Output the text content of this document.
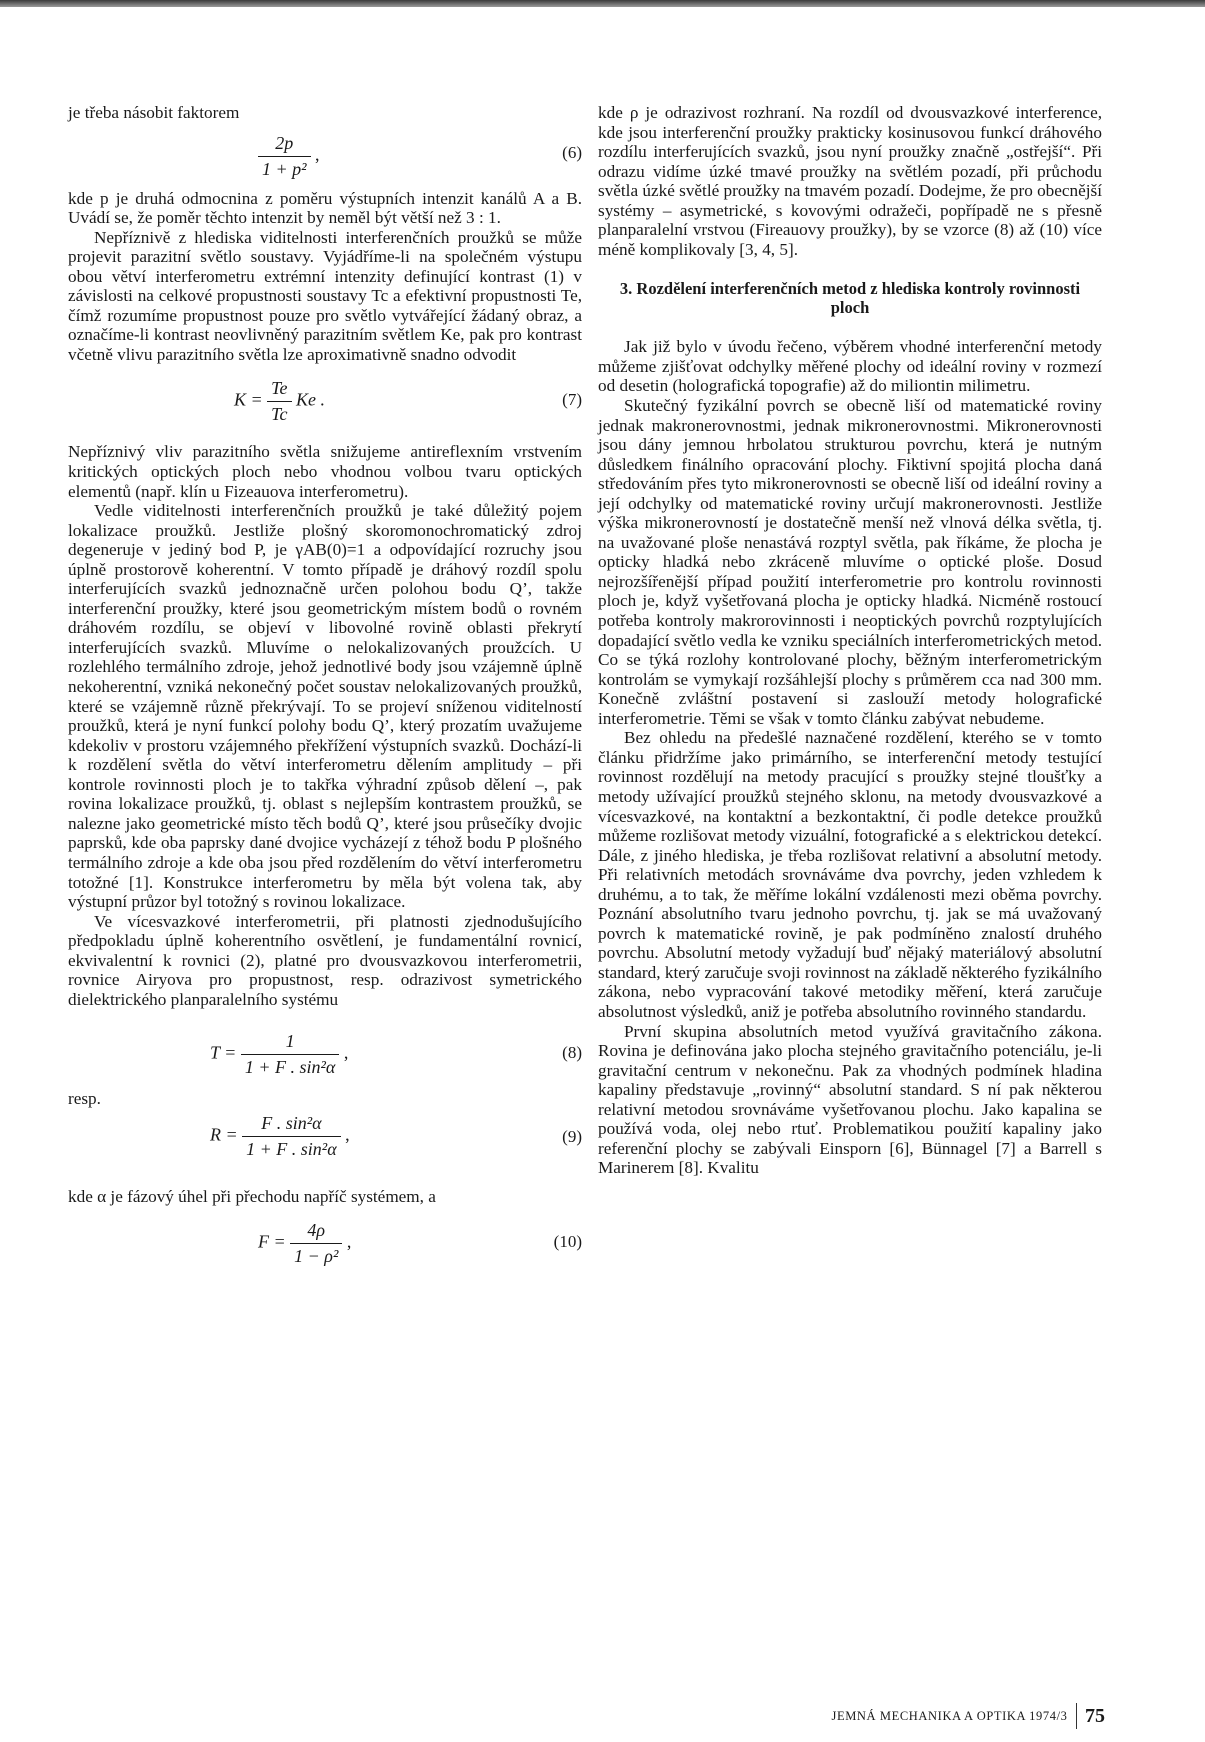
je třeba násobit faktorem

$\frac{2p}{\text{1 + p²}}$ ,	(6)

kde p je druhá odmocnina z poměru výstupních intenzit kanálů A a B. Uvádí se, že poměr těchto intenzit by neměl být větší než 3 : 1.

Nepříznivě z hlediska viditelnosti interferenčních proužků se může projevit parazitní světlo soustavy. Vyjádříme-li na společném výstupu obou větví interferometru extrémní intenzity definující kontrast (1) v závislosti na celkové propustnosti soustavy Tc a efektivní propustnosti Te, čímž rozumíme propustnost pouze pro světlo vytvářející žádaný obraz, a označíme-li kontrast neovlivněný parazitním světlem Ke, pak pro kontrast včetně vlivu parazitního světla lze aproximativně snadno odvodit

$K = \frac{Te}{Tc}$ Ke .	(7)

Nepříznivý vliv parazitního světla snižujeme antireflexním vrstvením kritických optických ploch nebo vhodnou volbou tvaru optických elementů (např. klín u Fizeauova interferometru).

Vedle viditelnosti interferenčních proužků je také důležitý pojem lokalizace proužků. Jestliže plošný skoromonochromatický zdroj degeneruje v jediný bod P, je γAB(0)=1 a odpovídající rozruchy jsou úplně prostorově koherentní. V tomto případě je dráhový rozdíl spolu interferujících svazků jednoznačně určen polohou bodu Q’, takže interferenční proužky, které jsou geometrickým místem bodů o rovném dráhovém rozdílu, se objeví v libovolné rovině oblasti překrytí interferujících svazků. Mluvíme o nelokalizovaných proužcích. U rozlehlého termálního zdroje, jehož jednotlivé body jsou vzájemně úplně nekoherentní, vzniká nekonečný počet soustav nelokalizovaných proužků, které se vzájemně různě překrývají. To se projeví sníženou viditelností proužků, která je nyní funkcí polohy bodu Q’, který prozatím uvažujeme kdekoliv v prostoru vzájemného překřížení výstupních svazků. Dochází-li k rozdělení světla do větví interferometru dělením amplitudy – při kontrole rovinnosti ploch je to takřka výhradní způsob dělení –, pak rovina lokalizace proužků, tj. oblast s nejlepším kontrastem proužků, se nalezne jako geometrické místo těch bodů Q’, které jsou průsečíky dvojic paprsků, kde oba paprsky dané dvojice vycházejí z téhož bodu P plošného termálního zdroje a kde oba jsou před rozdělením do větví interferometru totožné [1]. Konstrukce interferometru by měla být volena tak, aby výstupní průzor byl totožný s rovinou lokalizace.

Ve vícesvazkové interferometrii, při platnosti zjednodušujícího předpokladu úplně koherentního osvětlení, je fundamentální rovnicí, ekvivalentní k rovnici (2), platné pro dvousvazkovou interferometrii, rovnice Airyova pro propustnost, resp. odrazivost symetrického dielektrického planparalelního systému

$T = \frac{1}{\text{1 + F . sin²α}}$ ,	(8)

resp.

$R = \frac{\text{F . sin²α}}{\text{1 + F . sin²α}}$ ,	(9)

kde α je fázový úhel při přechodu napříč systémem, a

$F = \frac{4\rho}{\text{1 − ρ²}}$ ,	(10)

kde ρ je odrazivost rozhraní. Na rozdíl od dvousvazkové interference, kde jsou interferenční proužky prakticky kosinusovou funkcí dráhového rozdílu interferujících svazků, jsou nyní proužky značně „ostřejší“. Při odrazu vidíme úzké tmavé proužky na světlém pozadí, při průchodu světla úzké světlé proužky na tmavém pozadí. Dodejme, že pro obecnější systémy – asymetrické, s kovovými odražeči, popřípadě ne s přesně planparalelní vrstvou (Fireauovy proužky), by se vzorce (8) až (10) více méně komplikovaly [3, 4, 5].

3. Rozdělení interferenčních metod z hlediska kontroly rovinnosti ploch

Jak již bylo v úvodu řečeno, výběrem vhodné interferenční metody můžeme zjišťovat odchylky měřené plochy od ideální roviny v rozmezí od desetin (holografická topografie) až do miliontin milimetru.

Skutečný fyzikální povrch se obecně liší od matematické roviny jednak makronerovnostmi, jednak mikronerovnostmi. Mikronerovnosti jsou dány jemnou hrbolatou strukturou povrchu, která je nutným důsledkem finálního opracování plochy. Fiktivní spojitá plocha daná středováním přes tyto mikronerovnosti se obecně liší od ideální roviny a její odchylky od matematické roviny určují makronerovnosti. Jestliže výška mikronerovností je dostatečně menší než vlnová délka světla, tj. na uvažované ploše nenastává rozptyl světla, pak říkáme, že plocha je opticky hladká nebo zkráceně mluvíme o optické ploše. Dosud nejrozšířenější případ použití interferometrie pro kontrolu rovinnosti ploch je, když vyšetřovaná plocha je opticky hladká. Nicméně rostoucí potřeba kontroly makrorovinnosti i neoptických povrchů rozptylujících dopadající světlo vedla ke vzniku speciálních interferometrických metod. Co se týká rozlohy kontrolované plochy, běžným interferometrickým kontrolám se vymykají rozšáhlejší plochy s průměrem cca nad 300 mm. Konečně zvláštní postavení si zaslouží metody holografické interferometrie. Těmi se však v tomto článku zabývat nebudeme.

Bez ohledu na předešlé naznačené rozdělení, kterého se v tomto článku přidržíme jako primárního, se interferenční metody testující rovinnost rozdělují na metody pracující s proužky stejné tloušťky a metody užívající proužků stejného sklonu, na metody dvousvazkové a vícesvazkové, na kontaktní a bezkontaktní, či podle detekce proužků můžeme rozlišovat metody vizuální, fotografické a s elektrickou detekcí. Dále, z jiného hlediska, je třeba rozlišovat relativní a absolutní metody. Při relativních metodách srovnáváme dva povrchy, jeden vzhledem k druhému, a to tak, že měříme lokální vzdálenosti mezi oběma povrchy. Poznání absolutního tvaru jednoho povrchu, tj. jak se má uvažovaný povrch k matematické rovině, je pak podmíněno znalostí druhého povrchu. Absolutní metody vyžadují buď nějaký materiálový absolutní standard, který zaručuje svoji rovinnost na základě některého fyzikálního zákona, nebo vypracování takové metodiky měření, která zaručuje absolutnost výsledků, aniž je potřeba absolutního rovinného standardu.

První skupina absolutních metod využívá gravitačního zákona. Rovina je definována jako plocha stejného gravitačního potenciálu, je-li gravitační centrum v nekonečnu. Pak za vhodných podmínek hladina kapaliny představuje „rovinný“ absolutní standard. S ní pak některou relativní metodou srovnáváme vyšetřovanou plochu. Jako kapalina se používá voda, olej nebo rtuť. Problematikou použití kapaliny jako referenční plochy se zabývali Einsporn [6], Bünnagel [7] a Barrell s Marinerem [8]. Kvalitu

JEMNÁ MECHANIKA A OPTIKA 1974/3 75
